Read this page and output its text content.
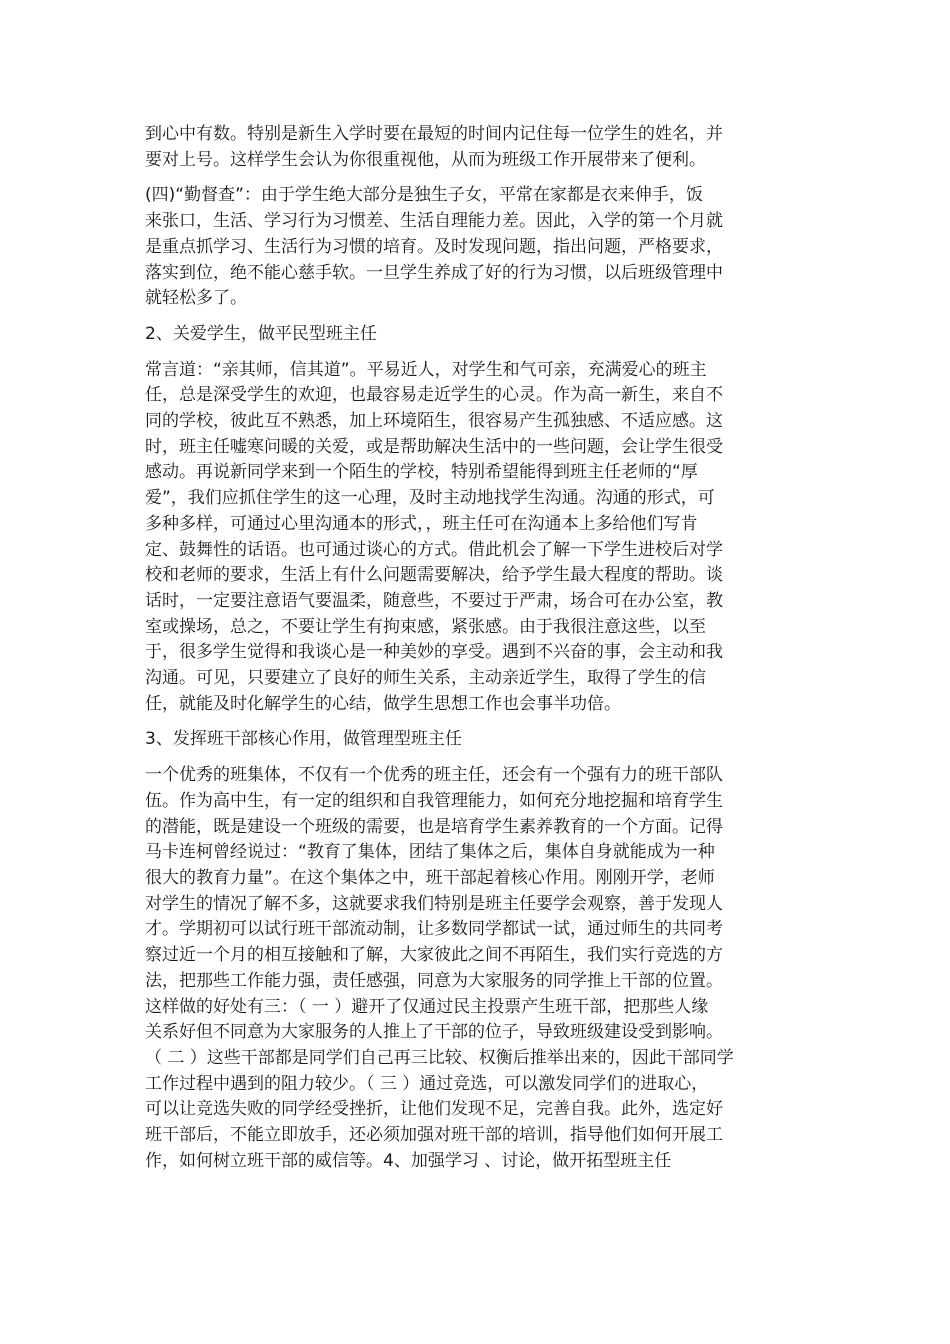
到心中有数。特别是新生入学时要在最短的时间内记住每一位学生的姓名，并
要对上号。这样学生会认为你很重视他，从而为班级工作开展带来了便利。
(四)“勤督查”：由于学生绝大部分是独生子女，平常在家都是衣来伸手，饭
来张口，生活、学习行为习惯差、生活自理能力差。因此，入学的第一个月就
是重点抓学习、生活行为习惯的培育。及时发现问题，指出问题，严格要求，
落实到位，绝不能心慈手软。一旦学生养成了好的行为习惯，以后班级管理中
就轻松多了。
2、关爱学生，做平民型班主任
常言道：“亲其师，信其道”。平易近人，对学生和气可亲，充满爱心的班主
任，总是深受学生的欢迎，也最容易走近学生的心灵。作为高一新生，来自不
同的学校，彼此互不熟悉，加上环境陌生，很容易产生孤独感、不适应感。这
时，班主任嘘寒问暖的关爱，或是帮助解决生活中的一些问题，会让学生很受
感动。再说新同学来到一个陌生的学校，特别希望能得到班主任老师的“厚
爱”，我们应抓住学生的这一心理，及时主动地找学生沟通。沟通的形式，可
多种多样，可通过心里沟通本的形式，，班主任可在沟通本上多给他们写肯
定、鼓舞性的话语。也可通过谈心的方式。借此机会了解一下学生进校后对学
校和老师的要求，生活上有什么问题需要解决，给予学生最大程度的帮助。谈
话时，一定要注意语气要温柔，随意些，不要过于严肃，场合可在办公室，教
室或操场，总之，不要让学生有拘束感，紧张感。由于我很注意这些，以至
于，很多学生觉得和我谈心是一种美妙的享受。遇到不兴奋的事，会主动和我
沟通。可见，只要建立了良好的师生关系，主动亲近学生，取得了学生的信
任，就能及时化解学生的心结，做学生思想工作也会事半功倍。
3、发挥班干部核心作用，做管理型班主任
一个优秀的班集体，不仅有一个优秀的班主任，还会有一个强有力的班干部队
伍。作为高中生，有一定的组织和自我管理能力，如何充分地挖掘和培育学生
的潜能，既是建设一个班级的需要，也是培育学生素养教育的一个方面。记得
马卡连柯曾经说过：“教育了集体，团结了集体之后，集体自身就能成为一种
很大的教育力量”。在这个集体之中，班干部起着核心作用。刚刚开学，老师
对学生的情况了解不多，这就要求我们特别是班主任要学会观察，善于发现人
才。学期初可以试行班干部流动制，让多数同学都试一试，通过师生的共同考
察过近一个月的相互接触和了解，大家彼此之间不再陌生，我们实行竞选的方
法，把那些工作能力强，责任感强，同意为大家服务的同学推上干部的位置。
这样做的好处有三：（ 一 ）避开了仅通过民主投票产生班干部，把那些人缘
关系好但不同意为大家服务的人推上了干部的位子，导致班级建设受到影响。
（ 二 ）这些干部都是同学们自己再三比较、权衡后推举出来的，因此干部同学
工作过程中遇到的阻力较少。（ 三 ）通过竞选，可以激发同学们的进取心，
可以让竞选失败的同学经受挫折，让他们发现不足，完善自我。此外，选定好
班干部后，不能立即放手，还必须加强对班干部的培训，指导他们如何开展工
作，如何树立班干部的威信等。4、加强学习 、讨论，做开拓型班主任
